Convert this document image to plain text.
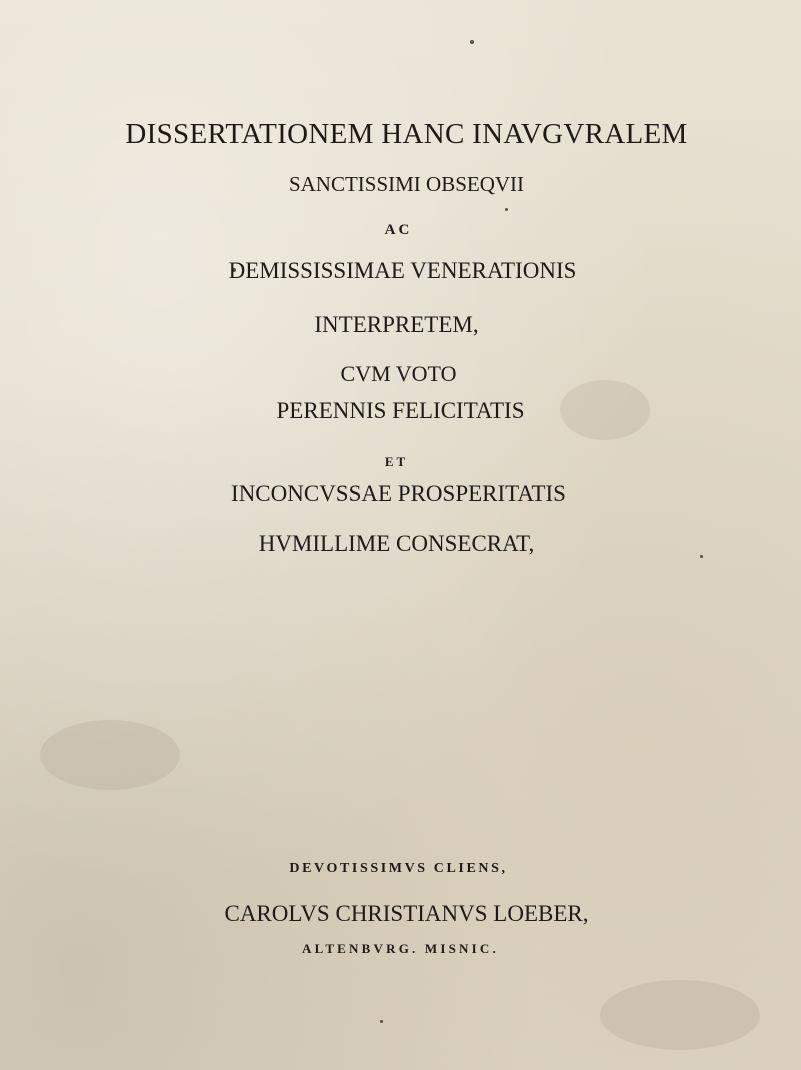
DISSERTATIONEM HANC INAVGVRALEM
SANCTISSIMI OBSEQVII
AC
DEMISSISSIMAE VENERATIONIS
INTERPRETEM,
CVM VOTO
PERENNIS FELICITATIS
ET
INCONCVSSAE PROSPERITATIS
HVMILLIME CONSECRAT,
DEVOTISSIMVS CLIENS,
CAROLVS CHRISTIANVS LOEBER,
ALTENBVRG. MISNIC.
